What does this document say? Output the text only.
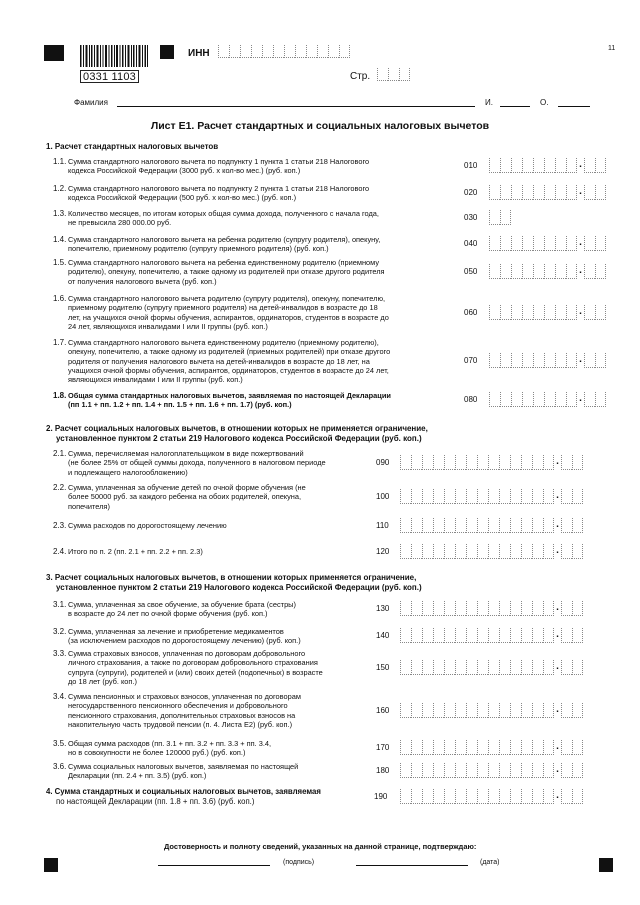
0331 1103
ИНН
Стр.
11
Фамилия	И.	О.
Лист Е1. Расчет стандартных и социальных налоговых вычетов
1. Расчет стандартных налоговых вычетов
2. Расчет социальных налоговых вычетов, в отношении которых не применяется ограничение,
установленное пунктом 2 статьи 219 Налогового кодекса Российской Федерации (руб. коп.)
3. Расчет социальных налоговых вычетов, в отношении которых применяется ограничение,
установленное пунктом 2 статьи 219 Налогового кодекса Российской Федерации (руб. коп.)
4. Сумма стандартных и социальных налоговых вычетов, заявляемая
по настоящей Декларации (пп. 1.8 + пп. 3.6) (руб. коп.)
190
Достоверность и полноту сведений, указанных на данной странице, подтверждаю:
(подпись)	(дата)
1.1. Сумма стандартного налогового вычета по подпункту 1 пункта 1 статьи 218 Налогового
кодекса Российской Федерации (3000 руб. х кол-во мес.) (руб. коп.)
010	.
1.2. Сумма стандартного налогового вычета по подпункту 2 пункта 1 статьи 218 Налогового
кодекса Российской Федерации (500 руб. х кол-во мес.) (руб. коп.)
020	.
1.3. Количество месяцев, по итогам которых общая сумма дохода, полученного с начала года,
не превысила 280 000.00 руб.
030
1.4. Сумма стандартного налогового вычета на ребенка родителю (супругу родителя), опекуну,
попечителю, приемному родителю (супругу приемного родителя) (руб. коп.)
040	.
1.5. Сумма стандартного налогового вычета на ребенка единственному родителю (приемному
родителю), опекуну, попечителю, а также одному из родителей при отказе другого родителя
от получения налогового вычета (руб. коп.)
050	.
1.6. Сумма стандартного налогового вычета родителю (супругу родителя), опекуну, попечителю,
приемному родителю (супругу приемного родителя) на детей-инвалидов в возрасте до 18
лет, на учащихся очной формы обучения, аспирантов, ординаторов, студентов в возрасте до
24 лет, являющихся инвалидами I или II группы (руб. коп.)
060	.
1.7. Сумма стандартного налогового вычета единственному родителю (приемному родителю),
опекуну, попечителю, а также одному из родителей (приемных родителей) при отказе другого
родителя от получения налогового вычета на детей-инвалидов в возрасте до 18 лет, на
учащихся очной формы обучения, аспирантов, ординаторов, студентов в возрасте до 24 лет,
являющихся инвалидами I или II группы (руб. коп.)
070	.
1.8. Общая сумма стандартных налоговых вычетов, заявляемая по настоящей Декларации
(пп 1.1 + пп. 1.2 + пп. 1.4 + пп. 1.5 + пп. 1.6 + пп. 1.7) (руб. коп.)
080	.
2.1. Сумма, перечисляемая налогоплательщиком в виде пожертвований
(не более 25% от общей суммы дохода, полученного в налоговом периоде
и подлежащего налогообложению)
090	.
2.2. Сумма, уплаченная за обучение детей по очной форме обучения (не
более 50000 руб. за каждого ребенка на обоих родителей, опекуна,
попечителя)
100	.
2.3. Сумма расходов по дорогостоящему лечению	110	.
2.4. Итого по п. 2 (пп. 2.1 + пп. 2.2 + пп. 2.3)	120	.
3.1. Сумма, уплаченная за свое обучение, за обучение брата (сестры)
в возрасте до 24 лет по очной форме обучения (руб. коп.)
130	.
3.2. Сумма, уплаченная за лечение и приобретение медикаментов
(за исключением расходов по дорогостоящему лечению) (руб. коп.)
140	.
3.3. Сумма страховых взносов, уплаченная по договорам добровольного
личного страхования, а также по договорам добровольного страхования
супруга (супруги), родителей и (или) своих детей (подопечных) в возрасте
до 18 лет (руб. коп.)
150	.
3.4. Сумма пенсионных и страховых взносов, уплаченная по договорам
негосударственного пенсионного обеспечения и добровольного
пенсионного страхования, дополнительных страховых взносов на
накопительную часть трудовой пенсии (п. 4. Листа Е2) (руб. коп.)
160	.
3.5. Общая сумма расходов (пп. 3.1 + пп. 3.2 + пп. 3.3 + пп. 3.4,
но в совокупности не более 120000 руб.) (руб. коп.)
170	.
3.6. Сумма социальных налоговых вычетов, заявляемая по настоящей
Декларации (пп. 2.4 + пп. 3.5) (руб. коп.)
180	.
.
